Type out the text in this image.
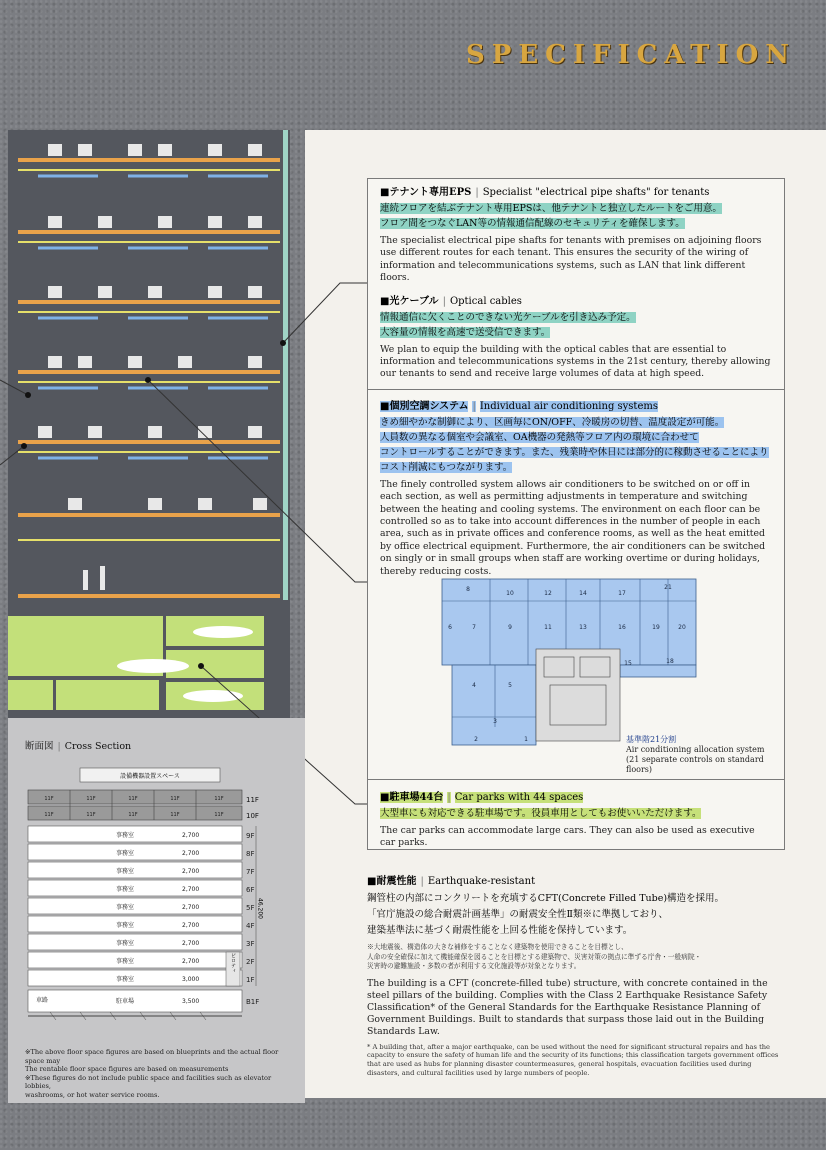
SPECIFICATION

■テナント専用EPS | Specialist "electrical pipe shafts" for tenants

連続フロアを結ぶテナント専用EPSは、他テナントと独立したルートをご用意。
フロア間をつなぐLAN等の情報通信配線のセキュリティを確保します。

The specialist electrical pipe shafts for tenants with premises on adjoining floors use different routes for each tenant. This ensures the security of the wiring of information and telecommunications systems, such as LAN that link different floors.

■光ケーブル | Optical cables

情報通信に欠くことのできない光ケーブルを引き込み予定。
大容量の情報を高速で送受信できます。

We plan to equip the building with the optical cables that are essential to information and telecommunications systems in the 21st century, thereby allowing our tenants to send and receive large volumes of data at high speed.

■個別空調システム | Individual air conditioning systems

きめ細やかな制御により、区画毎にON/OFF、冷暖房の切替、温度設定が可能。
人員数の異なる個室や会議室、OA機器の発熱等フロア内の環境に合わせて
コントロールすることができます。また、残業時や休日には部分的に稼動させることにより
コスト削減にもつながります。

The finely controlled system allows air conditioners to be switched on or off in each section, as well as permitting adjustments in temperature and switching between the heating and cooling systems. The environment on each floor can be controlled so as to take into account differences in the number of people in each area, such as in private offices and conference rooms, as well as the heat emitted by office electrical equipment. Furthermore, the air conditioners can be switched on singly or in small groups when staff are working overtime or during holidays, thereby reducing costs.

8
10	12	14	17
21
6	7	9	11	13	16	19	20
15	18
4	5
3
2	1	基準階21分割
Air conditioning allocation system
(21 separate controls on standard floors)

■駐車場44台 | Car parks with 44 spaces

大型車にも対応できる駐車場です。役員車用としてもお使いいただけます。

The car parks can accommodate large cars. They can also be used as executive car parks.

■耐震性能 | Earthquake-resistant

鋼管柱の内部にコンクリートを充填するCFT(Concrete Filled Tube)構造を採用。
「官庁施設の総合耐震計画基準」の耐震安全性Ⅱ類※に準拠しており、
建築基準法に基づく耐震性能を上回る性能を保持しています。

※大地震後、構造体の大きな補修をすることなく建築物を使用できることを目標とし、
人命の安全確保に加えて機能確保を図ることを目標とする建築物で、災害対策の拠点に準ずる庁舎・一般病院・
災害時の避難施設・多数の者が利用する文化施設等が対象となります。

The building is a CFT (concrete-filled tube) structure, with concrete contained in the steel pillars of the building. Complies with the Class 2 Earthquake Resistance Safety Classification* of the General Standards for the Earthquake Resistance Planning of Government Buildings. Built to standards that surpass those laid out in the Building Standards Law.

* A building that, after a major earthquake, can be used without the need for significant structural repairs and has the capacity to ensure the safety of human life and the security of its functions; this classification targets government offices that are used as hubs for planning disaster countermeasures, general hospitals, evacuation facilities used during disasters, and cultural facilities used by large numbers of people.

断面図 | Cross Section

設備機器設置スペース
11F	11F	11F	11F	11F
11F	11F	11F	11F	11F
11F
10F
事務室	2,700	9F
事務室	2,700	8F
事務室	2,700	7F
事務室	2,700	6F
事務室	2,700	5F
事務室	2,700	4F
事務室	2,700	3F
事務室	2,700	2F
事務室	3,000	1F
ピロティ
46,200
車路	駐車場	3,500	B1F
※The above floor space figures are based on blueprints and the actual floor space may
The rentable floor space figures are based on measurements
※These figures do not include public space and facilities such as elevator lobbies,
washrooms, or hot water service rooms.
